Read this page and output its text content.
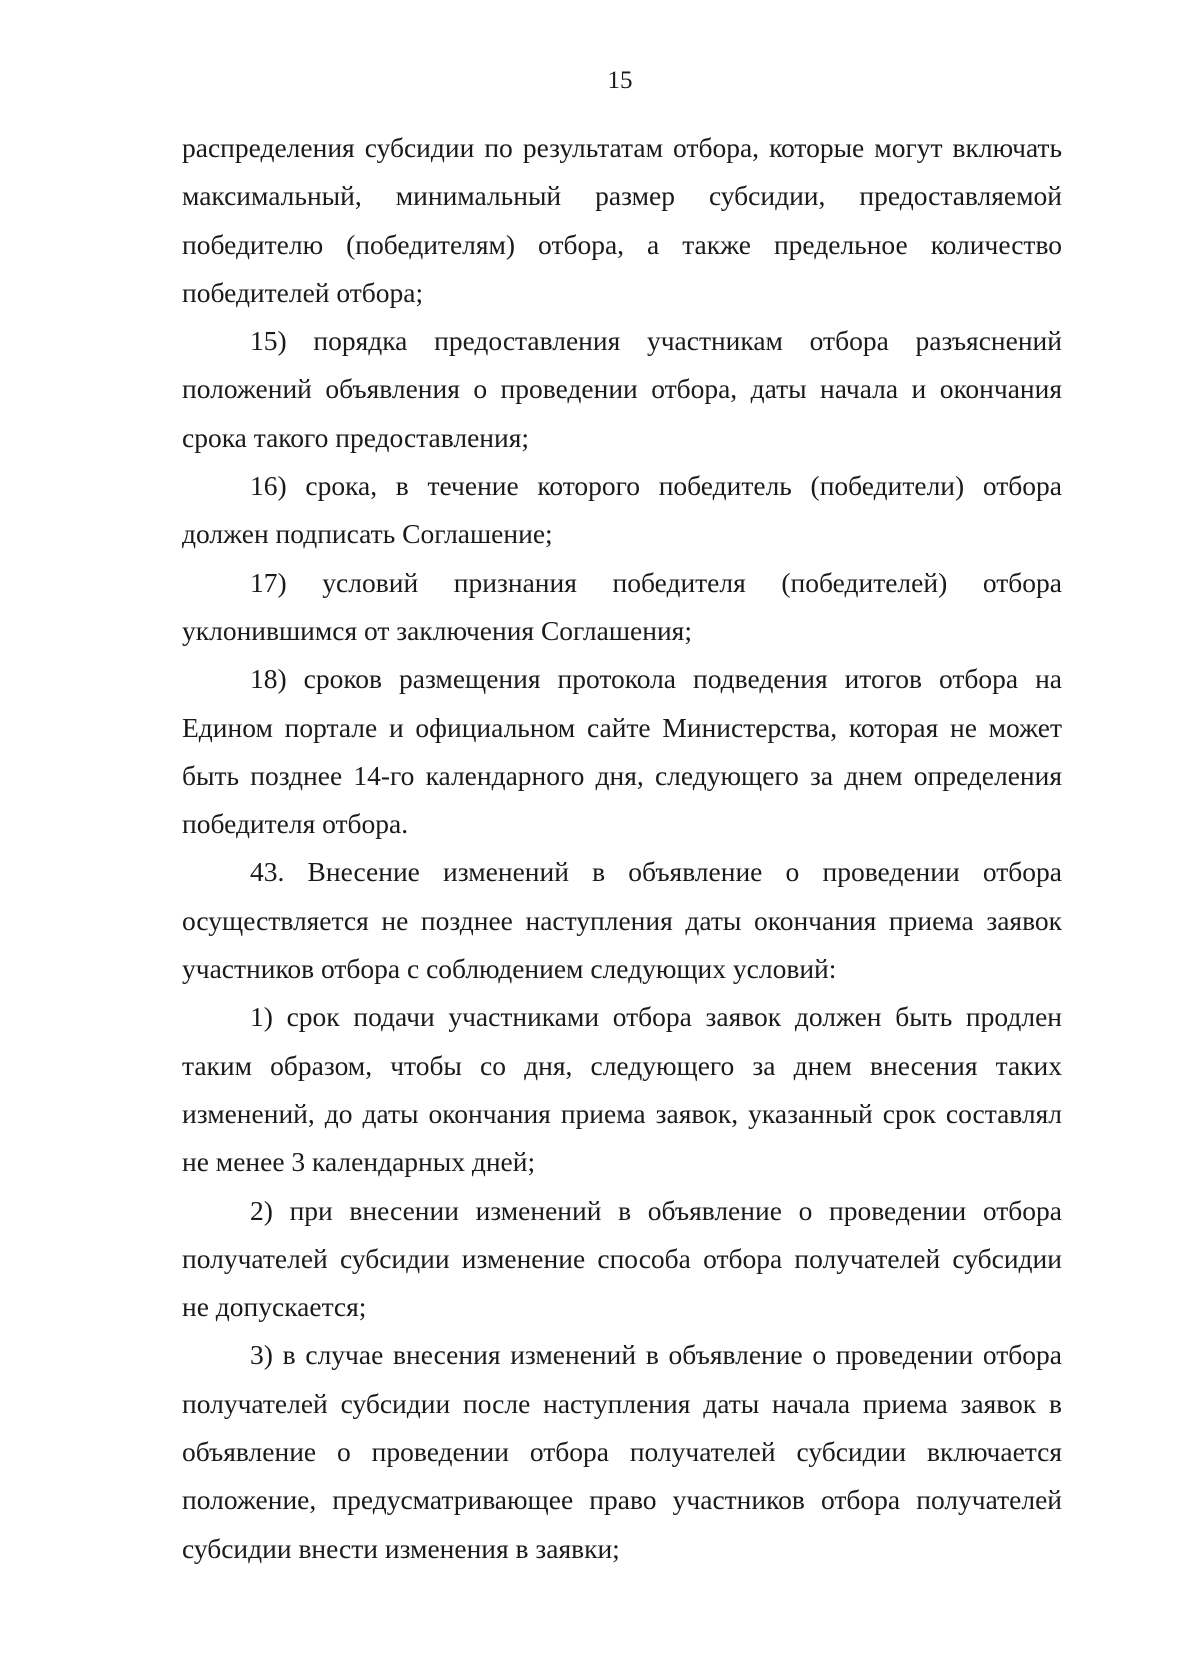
15

распределения субсидии по результатам отбора, которые могут включать максимальный, минимальный размер субсидии, предоставляемой победителю (победителям) отбора, а также предельное количество победителей отбора;

15) порядка предоставления участникам отбора разъяснений положений объявления о проведении отбора, даты начала и окончания срока такого предоставления;

16) срока, в течение которого победитель (победители) отбора должен подписать Соглашение;

17) условий признания победителя (победителей) отбора уклонившимся от заключения Соглашения;

18) сроков размещения протокола подведения итогов отбора на Едином портале и официальном сайте Министерства, которая не может быть позднее 14-го календарного дня, следующего за днем определения победителя отбора.

43. Внесение изменений в объявление о проведении отбора осуществляется не позднее наступления даты окончания приема заявок участников отбора с соблюдением следующих условий:

1) срок подачи участниками отбора заявок должен быть продлен таким образом, чтобы со дня, следующего за днем внесения таких изменений, до даты окончания приема заявок, указанный срок составлял не менее 3 календарных дней;

2) при внесении изменений в объявление о проведении отбора получателей субсидии изменение способа отбора получателей субсидии не допускается;

3) в случае внесения изменений в объявление о проведении отбора получателей субсидии после наступления даты начала приема заявок в объявление о проведении отбора получателей субсидии включается положение, предусматривающее право участников отбора получателей субсидии внести изменения в заявки;
